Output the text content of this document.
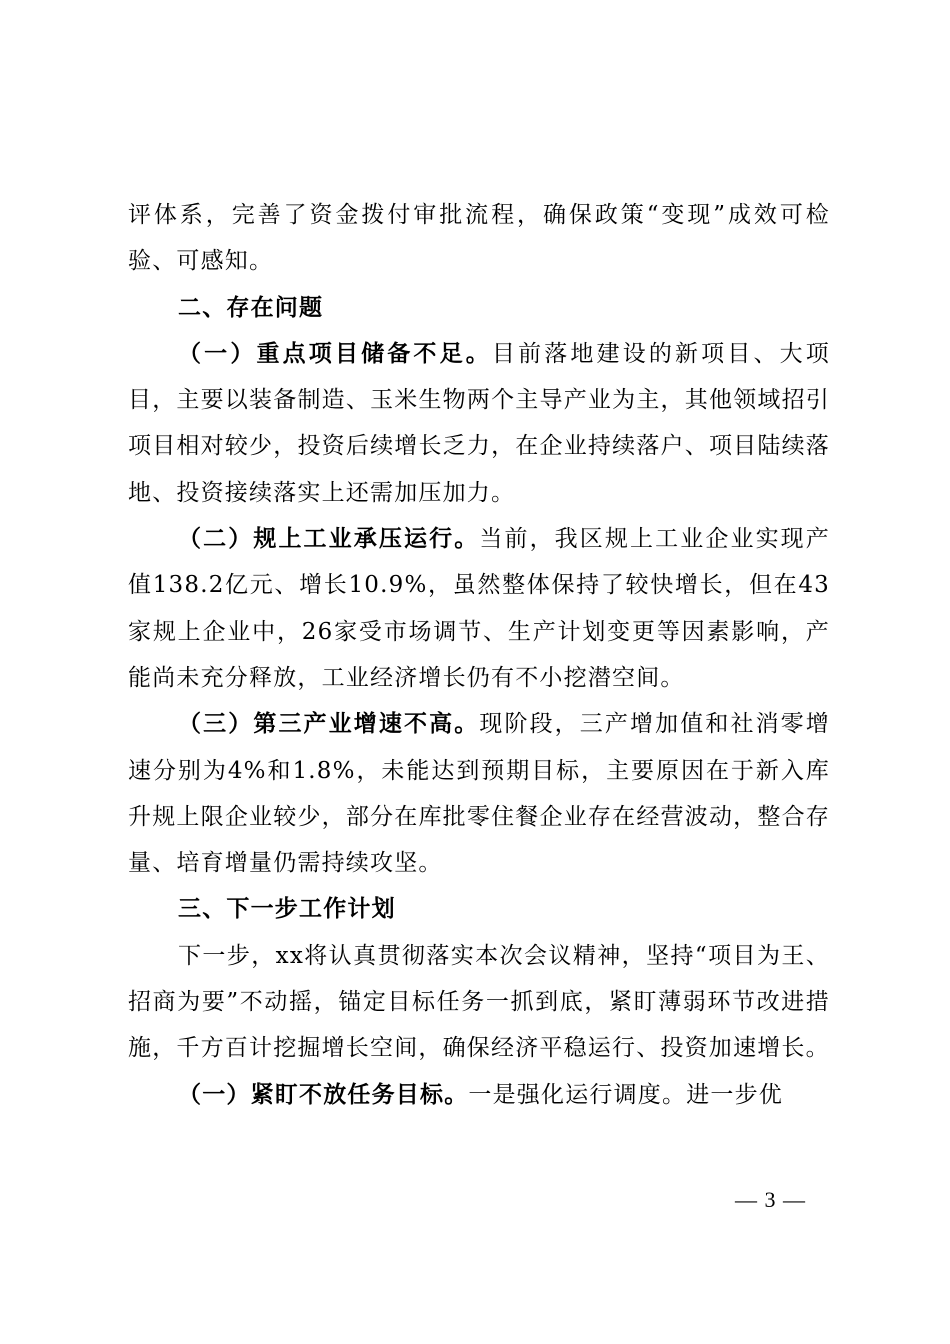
评体系，完善了资金拨付审批流程，确保政策“变现”成效可检验、可感知。

二、存在问题

（一）重点项目储备不足。目前落地建设的新项目、大项目，主要以装备制造、玉米生物两个主导产业为主，其他领域招引项目相对较少，投资后续增长乏力，在企业持续落户、项目陆续落地、投资接续落实上还需加压加力。

（二）规上工业承压运行。当前，我区规上工业企业实现产值138.2亿元、增长10.9%，虽然整体保持了较快增长，但在43家规上企业中，26家受市场调节、生产计划变更等因素影响，产能尚未充分释放，工业经济增长仍有不小挖潜空间。

（三）第三产业增速不高。现阶段，三产增加值和社消零增速分别为4%和1.8%，未能达到预期目标，主要原因在于新入库升规上限企业较少，部分在库批零住餐企业存在经营波动，整合存量、培育增量仍需持续攻坚。

三、下一步工作计划

下一步，xx将认真贯彻落实本次会议精神，坚持“项目为王、招商为要”不动摇，锚定目标任务一抓到底，紧盯薄弱环节改进措施，千方百计挖掘增长空间，确保经济平稳运行、投资加速增长。

（一）紧盯不放任务目标。一是强化运行调度。进一步优

— 3 —
